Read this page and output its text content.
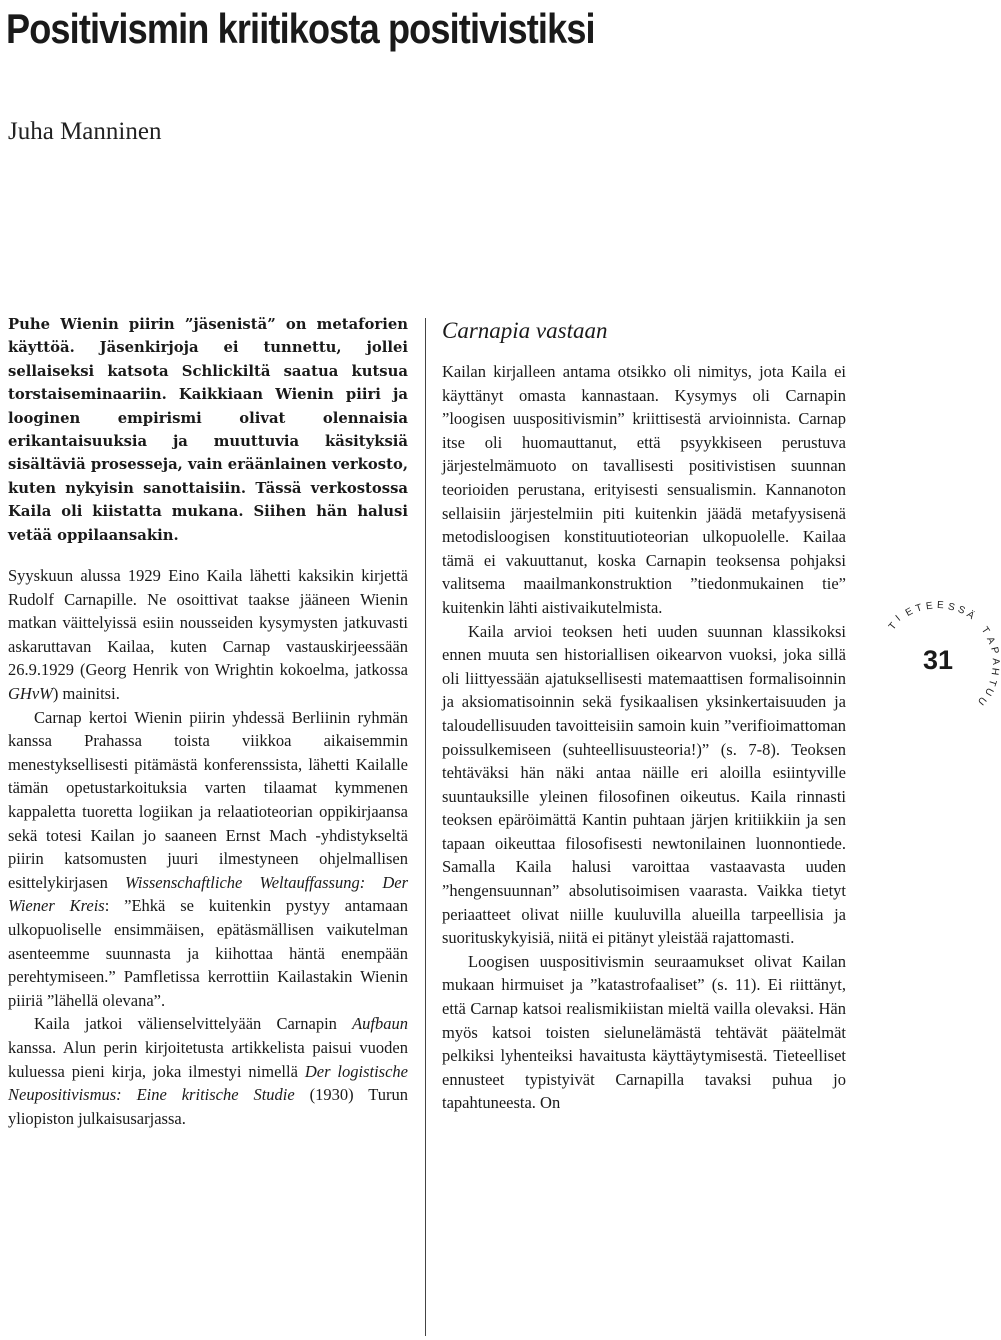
Positivismin kriitikosta positivistiksi
Juha Manninen

Puhe Wienin piirin ”jäsenistä” on metaforien käyttöä. Jäsenkirjoja ei tunnettu, jollei sellaiseksi katsota Schlickiltä saatua kutsua torstaiseminaariin. Kaikkiaan Wienin piiri ja looginen empirismi olivat olennaisia erikantaisuuksia ja muuttuvia käsityksiä sisältäviä prosesseja, vain eräänlainen verkosto, kuten nykyisin sanottaisiin. Tässä verkostossa Kaila oli kiistatta mukana. Siihen hän halusi vetää oppilaansakin.

Syyskuun alussa 1929 Eino Kaila lähetti kaksikin kirjettä Rudolf Carnapille. Ne osoittivat taakse jääneen Wienin matkan väittelyissä esiin nousseiden kysymysten jatkuvasti askaruttavan Kailaa, kuten Carnap vastauskirjeessään 26.9.1929 (Georg Henrik von Wrightin kokoelma, jatkossa GHvW) mainitsi.

Carnap kertoi Wienin piirin yhdessä Berliinin ryhmän kanssa Prahassa toista viikkoa aikaisemmin menestyksellisesti pitämästä konferenssista, lähetti Kailalle tämän opetustarkoituksia varten tilaamat kymmenen kappaletta tuoretta logiikan ja relaatioteorian oppikirjaansa sekä totesi Kailan jo saaneen Ernst Mach -yhdistykseltä piirin katsomusten juuri ilmestyneen ohjelmallisen esittelykirjasen Wissenschaftliche Weltauffassung: Der Wiener Kreis: ”Ehkä se kuitenkin pystyy antamaan ulkopuoliselle ensimmäisen, epätäsmällisen vaikutelman asenteemme suunnasta ja kiihottaa häntä enempään perehtymiseen.” Pamfletissa kerrottiin Kailastakin Wienin piiriä ”lähellä olevana”.

Kaila jatkoi välienselvittelyään Carnapin Aufbaun kanssa. Alun perin kirjoitetusta artikkelista paisui vuoden kuluessa pieni kirja, joka ilmestyi nimellä Der logistische Neupositivismus: Eine kritische Studie (1930) Turun yliopiston julkaisusarjassa.

Carnapia vastaan

Kailan kirjalleen antama otsikko oli nimitys, jota Kaila ei käyttänyt omasta kannastaan. Kysymys oli Carnapin ”loogisen uuspositivismin” kriittisestä arvioinnista. Carnap itse oli huomauttanut, että psyykkiseen perustuva järjestelmämuoto on tavallisesti positivistisen suunnan teorioiden perustana, erityisesti sensualismin. Kannanoton sellaisiin järjestelmiin piti kuitenkin jäädä metafyysisenä metodisloogisen konstituutioteorian ulkopuolelle. Kailaa tämä ei vakuuttanut, koska Carnapin teoksensa pohjaksi valitsema maailmankonstruktion ”tiedonmukainen tie” kuitenkin lähti aistivaikutelmista.

Kaila arvioi teoksen heti uuden suunnan klassikoksi ennen muuta sen historiallisen oikearvon vuoksi, joka sillä oli liittyessään ajatuksellisesti matemaattisen formalisoinnin ja aksiomatisoinnin sekä fysikaalisen yksinkertaisuuden ja taloudellisuuden tavoitteisiin samoin kuin ”verifioimattoman poissulkemiseen (suhteellisuusteoria!)” (s. 7-8). Teoksen tehtäväksi hän näki antaa näille eri aloilla esiintyville suuntauksille yleinen filosofinen oikeutus. Kaila rinnasti teoksen epäröimättä Kantin puhtaan järjen kritiikkiin ja sen tapaan oikeuttaa filosofisesti newtonilainen luonnontiede. Samalla Kaila halusi varoittaa vastaavasta uuden ”hengensuunnan” absolutisoimisen vaarasta. Vaikka tietyt periaatteet olivat niille kuuluvilla alueilla tarpeellisia ja suorituskykyisiä, niitä ei pitänyt yleistää rajattomasti.

Loogisen uuspositivismin seuraamukset olivat Kailan mukaan hirmuiset ja ”katastrofaaliset” (s. 11). Ei riittänyt, että Carnap katsoi realismikiistan mieltä vailla olevaksi. Hän myös katsoi toisten sielunelämästä tehtävät päätelmät pelkiksi lyhenteiksi havaitusta käyttäytymisestä. Tieteelliset ennusteet typistyivät Carnapilla tavaksi puhua jo tapahtuneesta. On

T
I E T E E S S
Ä
T
A
P
A
H
T
U
U
31
